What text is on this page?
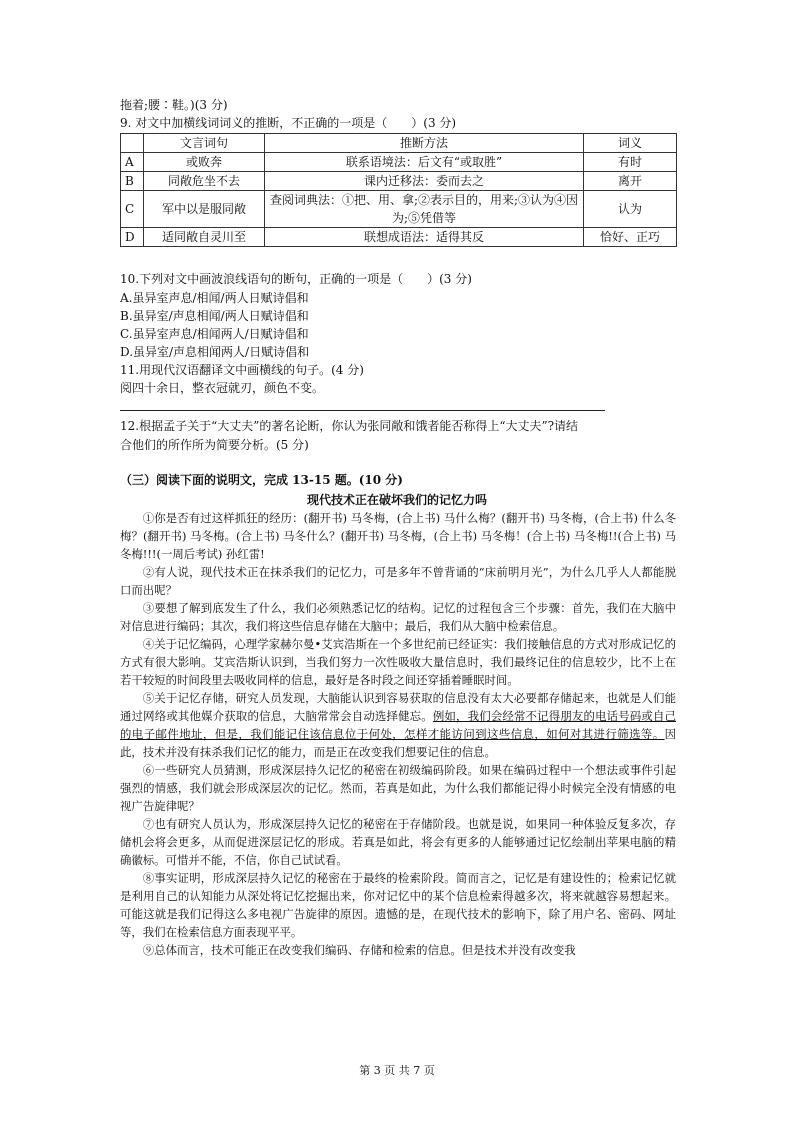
拖着;腰∶鞋。)(3 分)
9. 对文中加横线词词义的推断，不正确的一项是（　　）(3 分)
	文言词句	推断方法	词义
A	或败奔	联系语境法：后文有“或取胜”	有时
B	同敞危坐不去	课内迁移法：委而去之	离开
C	军中以是服同敞	查阅词典法：①把、用、拿;②表示目的，用来;③认为④因为;⑤凭借等	认为
D	适同敞自灵川至	联想成语法：适得其反	恰好、正巧
10.下列对文中画波浪线语句的断句，正确的一项是（　　）(3 分)
A.虽异室声息/相闻/两人日赋诗倡和
B.虽异室/声息相闻/两人日赋诗倡和
C.虽异室声息/相闻两人/日赋诗倡和
D.虽异室/声息相闻两人/日赋诗倡和
11.用现代汉语翻译文中画横线的句子。(4 分)
阅四十余日，整衣冠就刃，颜色不变。
12.根据孟子关于“大丈夫”的著名论断，你认为张同敞和饿者能否称得上“大丈夫”?请结
合他们的所作所为简要分析。(5 分)
（三）阅读下面的说明文，完成 13-15 题。(10 分)
现代技术正在破坏我们的记忆力吗

①你是否有过这样抓狂的经历：(翻开书) 马冬梅，(合上书) 马什么梅？(翻开书) 马冬梅，(合上书) 什么冬梅？(翻开书) 马冬梅。(合上书) 马冬什么？(翻开书) 马冬梅，(合上书) 马冬梅！(合上书) 马冬梅!!(合上书) 马冬梅!!!(一周后考试) 孙红雷!

②有人说，现代技术正在抹杀我们的记忆力，可是多年不曾背诵的“床前明月光”，为什么几乎人人都能脱口而出呢？

③要想了解到底发生了什么，我们必须熟悉记忆的结构。记忆的过程包含三个步骤：首先，我们在大脑中对信息进行编码；其次，我们将这些信息存储在大脑中；最后，我们从大脑中检索信息。

④关于记忆编码，心理学家赫尔曼•艾宾浩斯在一个多世纪前已经证实：我们接触信息的方式对形成记忆的方式有很大影响。艾宾浩斯认识到，当我们努力一次性吸收大量信息时，我们最终记住的信息较少，比不上在若干较短的时间段里去吸收同样的信息，最好是各时段之间还穿插着睡眠时间。

⑤关于记忆存储，研究人员发现，大脑能认识到容易获取的信息没有太大必要都存储起来，也就是人们能通过网络或其他媒介获取的信息，大脑常常会自动选择健忘。例如，我们会经常不记得朋友的电话号码或自己的电子邮件地址，但是，我们能记住该信息位于何处，怎样才能访问到这些信息，如何对其进行筛选等。因此，技术并没有抹杀我们记忆的能力，而是正在改变我们想要记住的信息。

⑥一些研究人员猜测，形成深层持久记忆的秘密在初级编码阶段。如果在编码过程中一个想法或事件引起强烈的情感，我们就会形成深层次的记忆。然而，若真是如此，为什么我们都能记得小时候完全没有情感的电视广告旋律呢？

⑦也有研究人员认为，形成深层持久记忆的秘密在于存储阶段。也就是说，如果同一种体验反复多次，存储机会将会更多，从而促进深层记忆的形成。若真是如此，将会有更多的人能够通过记忆绘制出苹果电脑的精确徽标。可惜并不能，不信，你自己试试看。

⑧事实证明，形成深层持久记忆的秘密在于最终的检索阶段。简而言之，记忆是有建设性的；检索记忆就是利用自己的认知能力从深处将记忆挖掘出来，你对记忆中的某个信息检索得越多次，将来就越容易想起来。可能这就是我们记得这么多电视广告旋律的原因。遗憾的是，在现代技术的影响下，除了用户名、密码、网址等，我们在检索信息方面表现平平。

⑨总体而言，技术可能正在改变我们编码、存储和检索的信息。但是技术并没有改变我

第 3 页 共 7 页
